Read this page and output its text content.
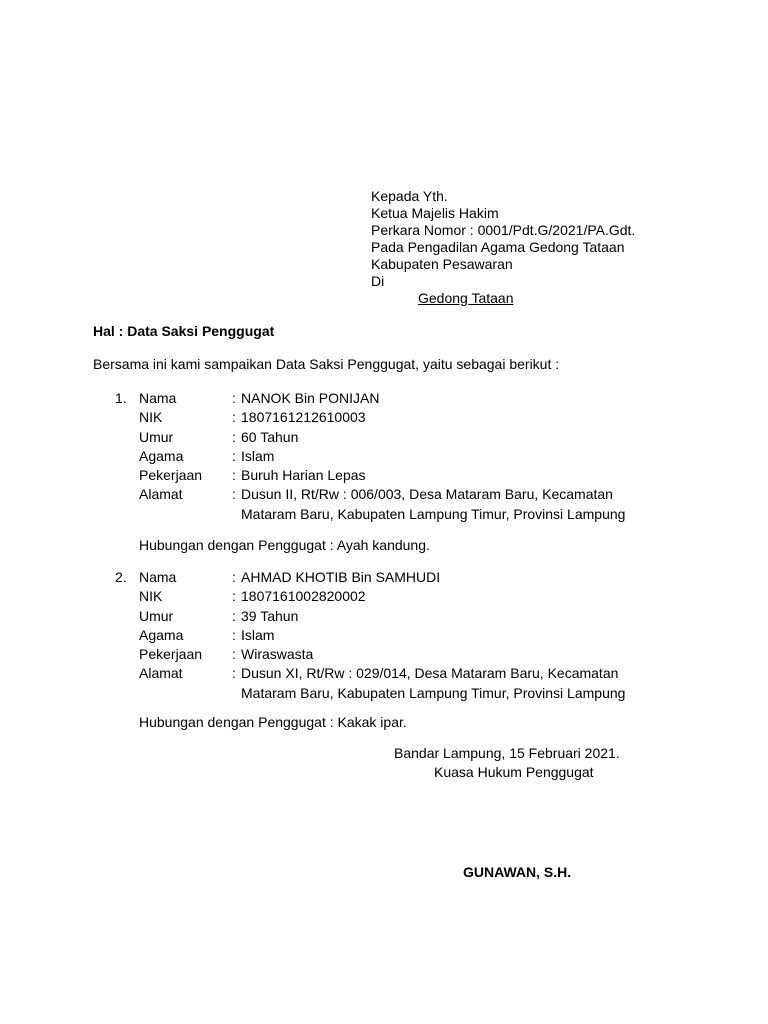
Kepada Yth.
Ketua Majelis Hakim
Perkara Nomor : 0001/Pdt.G/2021/PA.Gdt.
Pada Pengadilan Agama Gedong Tataan
Kabupaten Pesawaran
Di
Gedong Tataan
Hal : Data Saksi Penggugat
Bersama ini kami sampaikan Data Saksi Penggugat, yaitu sebagai berikut :
1. Nama	: NANOK Bin PONIJAN
NIK	: 1807161212610003
Umur	: 60 Tahun
Agama	: Islam
Pekerjaan	: Buruh Harian Lepas
Alamat	: Dusun II, Rt/Rw : 006/003, Desa Mataram Baru, Kecamatan
Mataram Baru, Kabupaten Lampung Timur, Provinsi Lampung
Hubungan dengan Penggugat : Ayah kandung.
2. Nama	: AHMAD KHOTIB Bin SAMHUDI
NIK	: 1807161002820002
Umur	: 39 Tahun
Agama	: Islam
Pekerjaan	: Wiraswasta
Alamat	: Dusun XI, Rt/Rw : 029/014, Desa Mataram Baru, Kecamatan
Mataram Baru, Kabupaten Lampung Timur, Provinsi Lampung
Hubungan dengan Penggugat : Kakak ipar.
Bandar Lampung, 15 Februari 2021.
Kuasa Hukum Penggugat
GUNAWAN, S.H.
